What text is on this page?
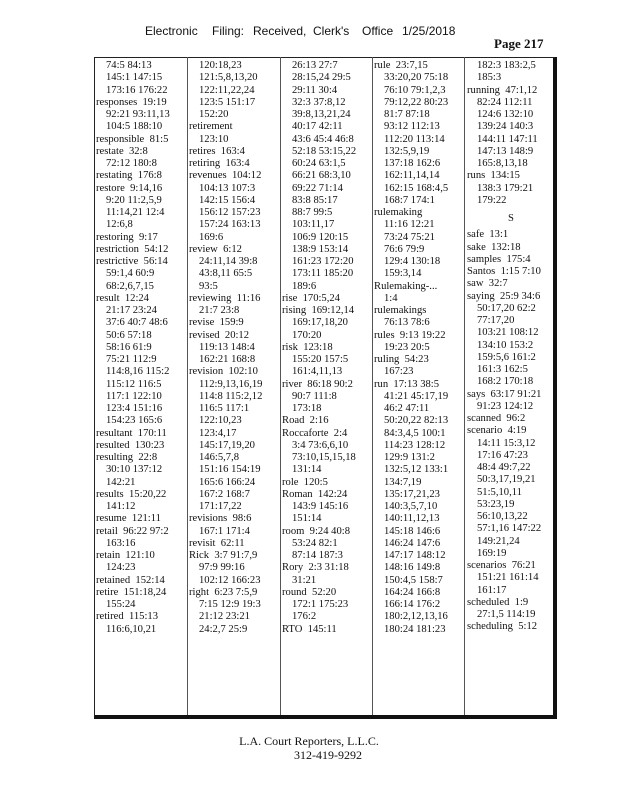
Electronic Filing: Received, Clerk's Office 1/25/2018
Page 217
74:5 84:13
145:1 147:15
173:16 176:22
responses 19:19
92:21 93:11,13
104:5 188:10
responsible 81:5
restate 32:8
72:12 180:8
restating 176:8
restore 9:14,16
9:20 11:2,5,9
11:14,21 12:4
12:6,8
restoring 9:17
restriction 54:12
restrictive 56:14
59:1,4 60:9
68:2,6,7,15
result 12:24
21:17 23:24
37:6 40:7 48:6
50:6 57:18
58:16 61:9
75:21 112:9
114:8,16 115:2
115:12 116:5
117:1 122:10
123:4 151:16
154:23 165:6
resultant 170:11
resulted 130:23
resulting 22:8
30:10 137:12
142:21
results 15:20,22
141:12
resume 121:11
retail 96:22 97:2
163:16
retain 121:10
124:23
retained 152:14
retire 151:18,24
155:24
retired 115:13
116:6,10,21
120:18,23
121:5,8,13,20
122:11,22,24
123:5 151:17
152:20
retirement
123:10
retires 163:4
retiring 163:4
revenues 104:12
104:13 107:3
142:15 156:4
156:12 157:23
157:24 163:13
169:6
review 6:12
24:11,14 39:8
43:8,11 65:5
93:5
reviewing 11:16
21:7 23:8
revise 159:9
revised 20:12
119:13 148:4
162:21 168:8
revision 102:10
112:9,13,16,19
114:8 115:2,12
116:5 117:1
122:10,23
123:4,17
145:17,19,20
146:5,7,8
151:16 154:19
165:6 166:24
167:2 168:7
171:17,22
revisions 98:6
167:1 171:4
revisit 62:11
Rick 3:7 91:7,9
97:9 99:16
102:12 166:23
right 6:23 7:5,9
7:15 12:9 19:3
21:12 23:21
24:2,7 25:9
26:13 27:7
28:15,24 29:5
29:11 30:4
32:3 37:8,12
39:8,13,21,24
40:17 42:11
43:6 45:4 46:8
52:18 53:15,22
60:24 63:1,5
66:21 68:3,10
69:22 71:14
83:8 85:17
88:7 99:5
103:11,17
106:9 120:15
138:9 153:14
161:23 172:20
173:11 185:20
189:6
rise 170:5,24
rising 169:12,14
169:17,18,20
170:20
risk 123:18
155:20 157:5
161:4,11,13
river 86:18 90:2
90:7 111:8
173:18
Road 2:16
Roccaforte 2:4
3:4 73:6,6,10
73:10,15,15,18
131:14
role 120:5
Roman 142:24
143:9 145:16
151:14
room 9:24 40:8
53:24 82:1
87:14 187:3
Rory 2:3 31:18
31:21
round 52:20
172:1 175:23
176:2
RTO 145:11
rule 23:7,15
33:20,20 75:18
76:10 79:1,2,3
79:12,22 80:23
81:7 87:18
93:12 112:13
112:20 113:14
132:5,9,19
137:18 162:6
162:11,14,14
162:15 168:4,5
168:7 174:1
rulemaking
11:16 12:21
73:24 75:21
76:6 79:9
129:4 130:18
159:3,14
Rulemaking-...
1:4
rulemakings
76:13 78:6
rules 9:13 19:22
19:23 20:5
ruling 54:23
167:23
run 17:13 38:5
41:21 45:17,19
46:2 47:11
50:20,22 82:13
84:3,4,5 100:1
114:23 128:12
129:9 131:2
132:5,12 133:1
134:7,19
135:17,21,23
140:3,5,7,10
140:11,12,13
145:18 146:6
146:24 147:6
147:17 148:12
148:16 149:8
150:4,5 158:7
164:24 166:8
166:14 176:2
180:2,12,13,16
180:24 181:23
182:3 183:2,5
185:3
running 47:1,12
82:24 112:11
124:6 132:10
139:24 140:3
144:11 147:11
147:13 148:9
165:8,13,18
runs 134:15
138:3 179:21
179:22
S
safe 13:1
sake 132:18
samples 175:4
Santos 1:15 7:10
saw 32:7
saying 25:9 34:6
50:17,20 62:2
77:17,20
103:21 108:12
134:10 153:2
159:5,6 161:2
161:3 162:5
168:2 170:18
says 63:17 91:21
91:23 124:12
scanned 96:2
scenario 4:19
14:11 15:3,12
17:16 47:23
48:4 49:7,22
50:3,17,19,21
51:5,10,11
53:23,19
56:10,13,22
57:1,16 147:22
149:21,24
169:19
scenarios 76:21
151:21 161:14
161:17
scheduled 1:9
27:1,5 114:19
scheduling 5:12
L.A. Court Reporters, L.L.C.
312-419-9292
